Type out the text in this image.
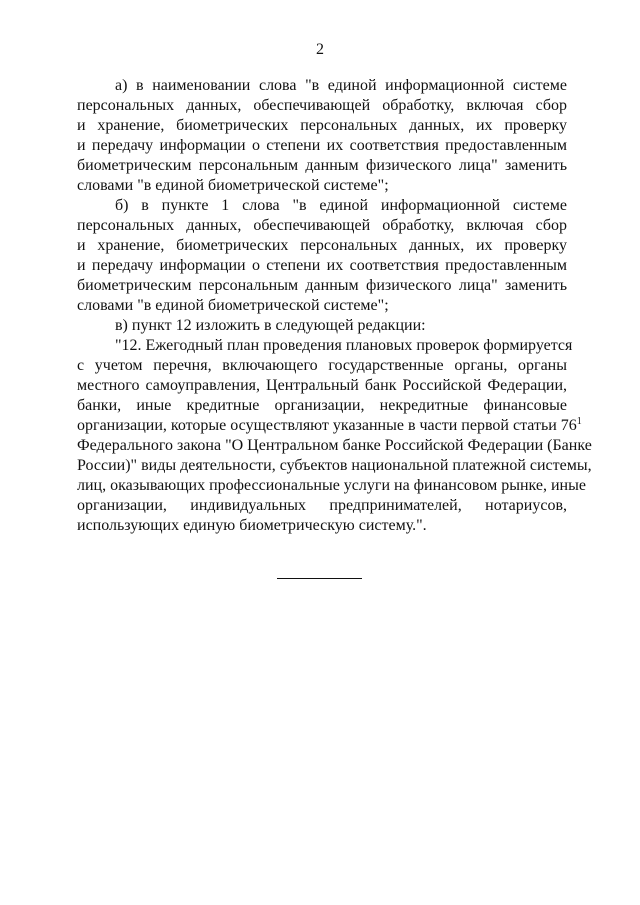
2
а) в наименовании слова "в единой информационной системе
персональных данных, обеспечивающей обработку, включая сбор
и хранение, биометрических персональных данных, их проверку
и передачу информации о степени их соответствия предоставленным
биометрическим персональным данным физического лица" заменить
словами "в единой биометрической системе";
б) в пункте 1 слова "в единой информационной системе
персональных данных, обеспечивающей обработку, включая сбор
и хранение, биометрических персональных данных, их проверку
и передачу информации о степени их соответствия предоставленным
биометрическим персональным данным физического лица" заменить
словами "в единой биометрической системе";
в) пункт 12 изложить в следующей редакции:
"12. Ежегодный план проведения плановых проверок формируется
с учетом перечня, включающего государственные органы, органы
местного самоуправления, Центральный банк Российской Федерации,
банки, иные кредитные организации, некредитные финансовые
организации, которые осуществляют указанные в части первой статьи $76^1$
Федерального закона "О Центральном банке Российской Федерации (Банке
России)" виды деятельности, субъектов национальной платежной системы,
лиц, оказывающих профессиональные услуги на финансовом рынке, иные
организации, индивидуальных предпринимателей, нотариусов,
использующих единую биометрическую систему.".
